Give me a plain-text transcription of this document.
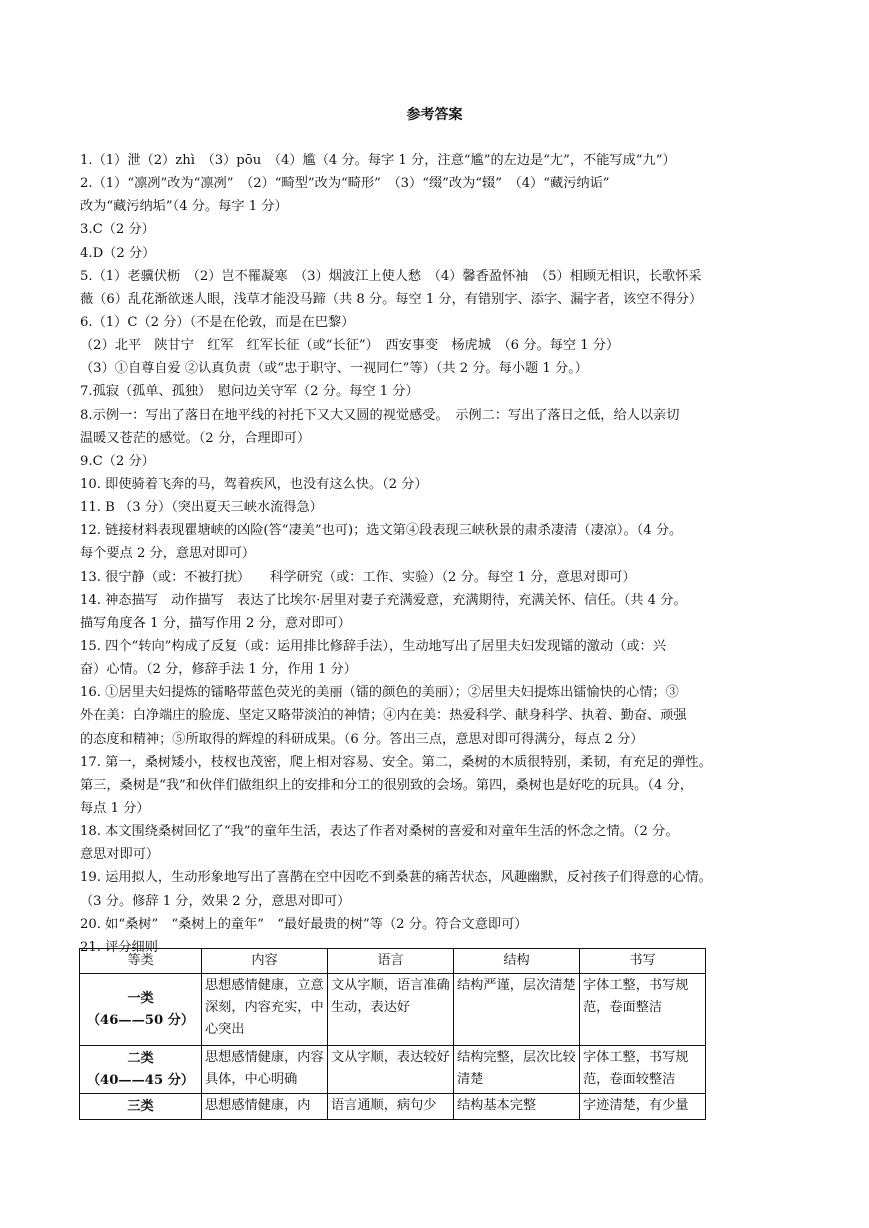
参考答案
1.（1）泄（2）zhì　（3）pōu　（4）尴（4 分。每字 1 分，注意“尴”的左边是“尢”，不能写成“九”）
2.（1）“凛冽”改为“凛冽”　（2）“畸型”改为“畸形”　（3）“缀”改为“辍”　（4）“藏污纳诟”
改为“藏污纳垢”（4 分。每字 1 分）
3.C（2 分）
4.D（2 分）
5.（1）老骥伏枥　（2）岂不罹凝寒　（3）烟波江上使人愁　（4）馨香盈怀袖　（5）相顾无相识，长歌怀采
薇（6）乱花渐欲迷人眼，浅草才能没马蹄（共 8 分。每空 1 分，有错别字、添字、漏字者，该空不得分）
6.（1）C（2 分）（不是在伦敦，而是在巴黎）
（2）北平　陕甘宁　红军　红军长征（或“长征”）　西安事变　杨虎城　（6 分。每空 1 分）
（3）①自尊自爱 ②认真负责（或“忠于职守、一视同仁”等）（共 2 分。每小题 1 分。）
7.孤寂（孤单、孤独）　慰问边关守军（2 分。每空 1 分）
8.示例一：写出了落日在地平线的衬托下又大又圆的视觉感受。　示例二：写出了落日之低，给人以亲切
温暖又苍茫的感觉。（2 分，合理即可）
9.C（2 分）
10. 即使骑着飞奔的马，驾着疾风，也没有这么快。（2 分）
11. B （3 分）（突出夏天三峡水流得急）
12. 链接材料表现瞿塘峡的凶险(答“凄美”也可)；选文第④段表现三峡秋景的肃杀凄清（凄凉）。（4 分。
每个要点 2 分，意思对即可）
13. 很宁静（或：不被打扰）　　科学研究（或：工作、实验）（2 分。每空 1 分，意思对即可）
14. 神态描写　动作描写　表达了比埃尔·居里对妻子充满爱意，充满期待，充满关怀、信任。（共 4 分。
描写角度各 1 分，描写作用 2 分，意对即可）
15. 四个“转向”构成了反复（或：运用排比修辞手法），生动地写出了居里夫妇发现镭的激动（或：兴
奋）心情。（2 分，修辞手法 1 分，作用 1 分）
16. ①居里夫妇提炼的镭略带蓝色荧光的美丽（镭的颜色的美丽）；②居里夫妇提炼出镭愉快的心情；③
外在美：白净端庄的脸庞、坚定又略带淡泊的神情；④内在美：热爱科学、献身科学、执着、勤奋、顽强
的态度和精神；⑤所取得的辉煌的科研成果。（6 分。答出三点，意思对即可得满分，每点 2 分）
17. 第一，桑树矮小，枝杈也茂密，爬上相对容易、安全。第二，桑树的木质很特别，柔韧，有充足的弹性。
第三，桑树是“我”和伙伴们做组织上的安排和分工的很别致的会场。第四，桑树也是好吃的玩具。（4 分，
每点 1 分）
18. 本文围绕桑树回忆了“我”的童年生活，表达了作者对桑树的喜爱和对童年生活的怀念之情。（2 分。
意思对即可）
19. 运用拟人，生动形象地写出了喜鹊在空中因吃不到桑葚的痛苦状态，风趣幽默，反衬孩子们得意的心情。
（3 分。修辞 1 分，效果 2 分，意思对即可）
20. 如“桑树”　“桑树上的童年”　“最好最贵的树”等（2 分。符合文意即可）
21. 评分细则
等类	内容	语言	结构	书写

一类
（46——50 分）	思想感情健康，立意深刻，内容充实，中心突出	文从字顺，语言准确生动，表达好	结构严谨，层次清楚	字体工整，书写规范，卷面整洁

二类
（40——45 分）	思想感情健康，内容具体，中心明确	文从字顺，表达较好	结构完整，层次比较清楚	字体工整，书写规范，卷面较整洁

三类	思想感情健康，内	语言通顺，病句少	结构基本完整	字迹清楚，有少量
